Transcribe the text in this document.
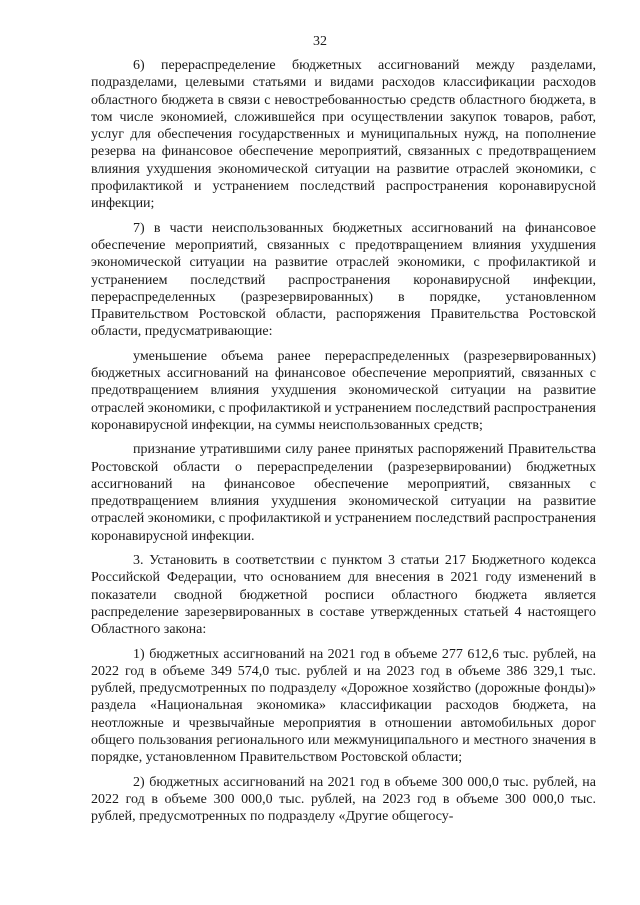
32

6) перераспределение бюджетных ассигнований между разделами, подразделами, целевыми статьями и видами расходов классификации расходов областного бюджета в связи с невостребованностью средств областного бюджета, в том числе экономией, сложившейся при осуществлении закупок товаров, работ, услуг для обеспечения государственных и муниципальных нужд, на пополнение резерва на финансовое обеспечение мероприятий, связанных с предотвращением влияния ухудшения экономической ситуации на развитие отраслей экономики, с профилактикой и устранением последствий распространения коронавирусной инфекции;

7) в части неиспользованных бюджетных ассигнований на финансовое обеспечение мероприятий, связанных с предотвращением влияния ухудшения экономической ситуации на развитие отраслей экономики, с профилактикой и устранением последствий распространения коронавирусной инфекции, перераспределенных (разрезервированных) в порядке, установленном Правительством Ростовской области, распоряжения Правительства Ростовской области, предусматривающие:

уменьшение объема ранее перераспределенных (разрезервированных) бюджетных ассигнований на финансовое обеспечение мероприятий, связанных с предотвращением влияния ухудшения экономической ситуации на развитие отраслей экономики, с профилактикой и устранением последствий распространения коронавирусной инфекции, на суммы неиспользованных средств;

признание утратившими силу ранее принятых распоряжений Правительства Ростовской области о перераспределении (разрезервировании) бюджетных ассигнований на финансовое обеспечение мероприятий, связанных с предотвращением влияния ухудшения экономической ситуации на развитие отраслей экономики, с профилактикой и устранением последствий распространения коронавирусной инфекции.

3. Установить в соответствии с пунктом 3 статьи 217 Бюджетного кодекса Российской Федерации, что основанием для внесения в 2021 году изменений в показатели сводной бюджетной росписи областного бюджета является распределение зарезервированных в составе утвержденных статьей 4 настоящего Областного закона:

1) бюджетных ассигнований на 2021 год в объеме 277 612,6 тыс. рублей, на 2022 год в объеме 349 574,0 тыс. рублей и на 2023 год в объеме 386 329,1 тыс. рублей, предусмотренных по подразделу «Дорожное хозяйство (дорожные фонды)» раздела «Национальная экономика» классификации расходов бюджета, на неотложные и чрезвычайные мероприятия в отношении автомобильных дорог общего пользования регионального или межмуниципального и местного значения в порядке, установленном Правительством Ростовской области;

2) бюджетных ассигнований на 2021 год в объеме 300 000,0 тыс. рублей, на 2022 год в объеме 300 000,0 тыс. рублей, на 2023 год в объеме 300 000,0 тыс. рублей, предусмотренных по подразделу «Другие общегосу-
